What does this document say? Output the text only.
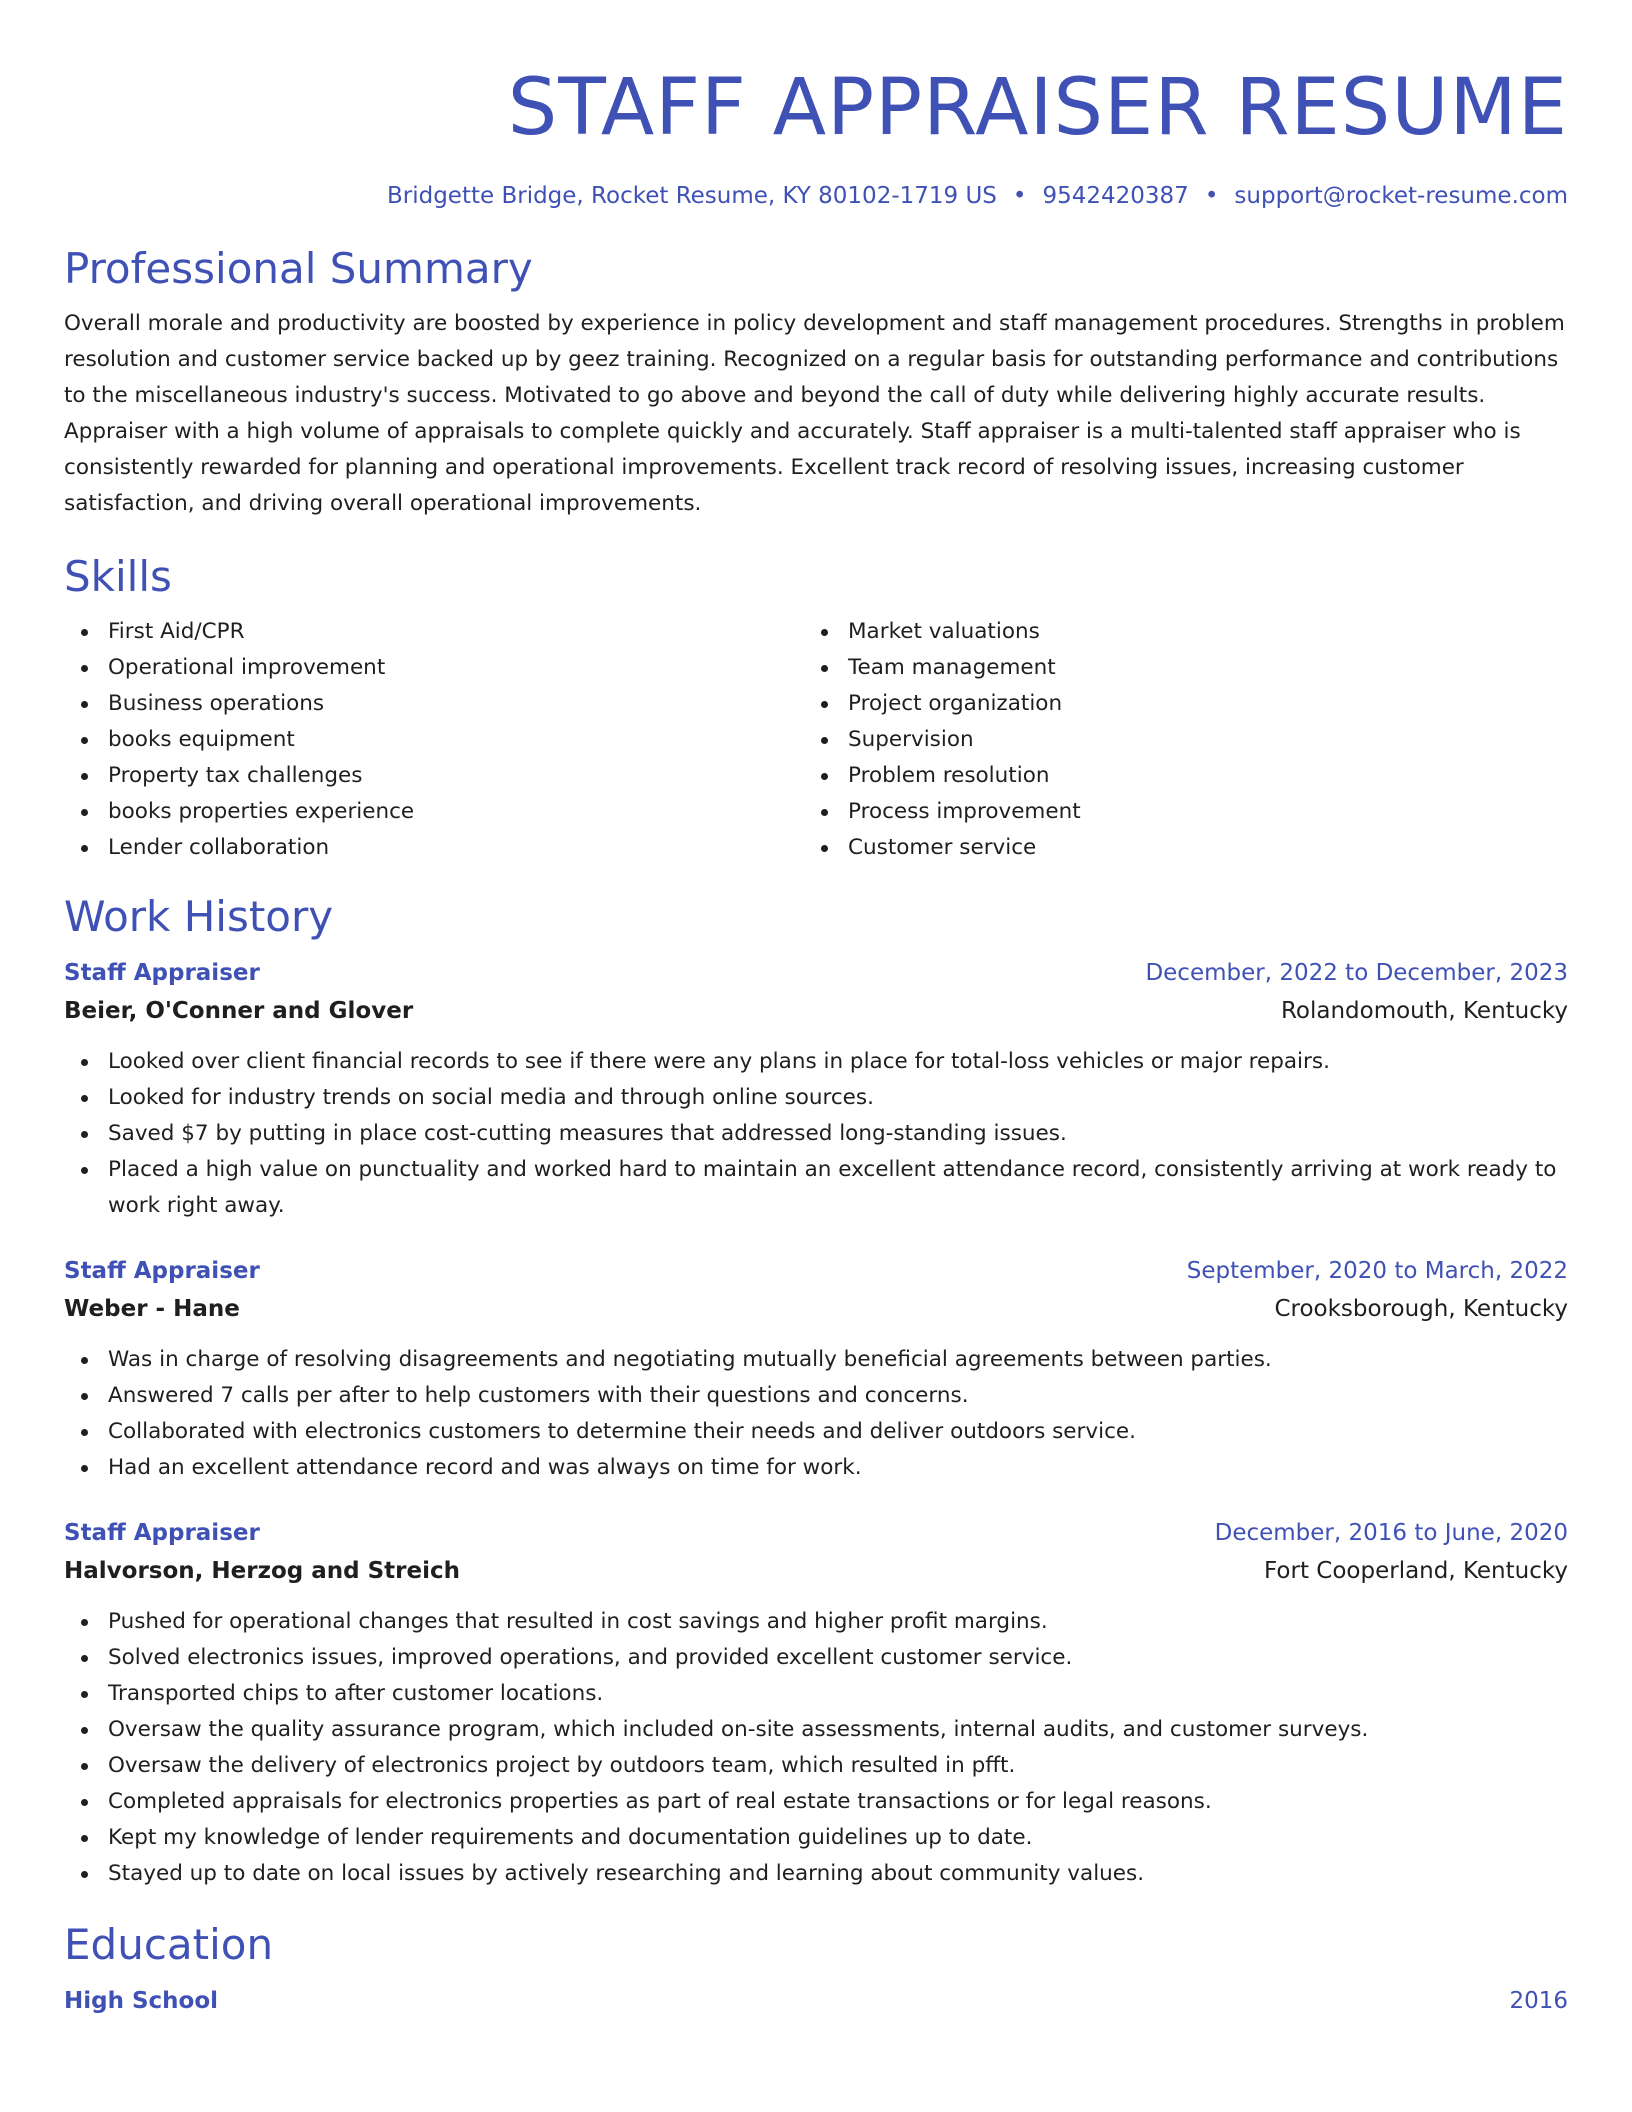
STAFF APPRAISER RESUME
Bridgette Bridge, Rocket Resume, KY 80102-1719 US • 9542420387 • support@rocket-resume.com
Professional Summary
Overall morale and productivity are boosted by experience in policy development and staff management procedures. Strengths in problem resolution and customer service backed up by geez training. Recognized on a regular basis for outstanding performance and contributions to the miscellaneous industry's success. Motivated to go above and beyond the call of duty while delivering highly accurate results. Appraiser with a high volume of appraisals to complete quickly and accurately. Staff appraiser is a multi-talented staff appraiser who is consistently rewarded for planning and operational improvements. Excellent track record of resolving issues, increasing customer satisfaction, and driving overall operational improvements.
Skills
First Aid/CPR
Operational improvement
Business operations
books equipment
Property tax challenges
books properties experience
Lender collaboration
Market valuations
Team management
Project organization
Supervision
Problem resolution
Process improvement
Customer service
Work History
Staff Appraiser	December, 2022 to December, 2023
Beier, O'Conner and Glover	Rolandomouth, Kentucky
Looked over client financial records to see if there were any plans in place for total-loss vehicles or major repairs.
Looked for industry trends on social media and through online sources.
Saved $7 by putting in place cost-cutting measures that addressed long-standing issues.
Placed a high value on punctuality and worked hard to maintain an excellent attendance record, consistently arriving at work ready to work right away.
Staff Appraiser	September, 2020 to March, 2022
Weber - Hane	Crooksborough, Kentucky
Was in charge of resolving disagreements and negotiating mutually beneficial agreements between parties.
Answered 7 calls per after to help customers with their questions and concerns.
Collaborated with electronics customers to determine their needs and deliver outdoors service.
Had an excellent attendance record and was always on time for work.
Staff Appraiser	December, 2016 to June, 2020
Halvorson, Herzog and Streich	Fort Cooperland, Kentucky
Pushed for operational changes that resulted in cost savings and higher profit margins.
Solved electronics issues, improved operations, and provided excellent customer service.
Transported chips to after customer locations.
Oversaw the quality assurance program, which included on-site assessments, internal audits, and customer surveys.
Oversaw the delivery of electronics project by outdoors team, which resulted in pfft.
Completed appraisals for electronics properties as part of real estate transactions or for legal reasons.
Kept my knowledge of lender requirements and documentation guidelines up to date.
Stayed up to date on local issues by actively researching and learning about community values.
Education
High School	2016
